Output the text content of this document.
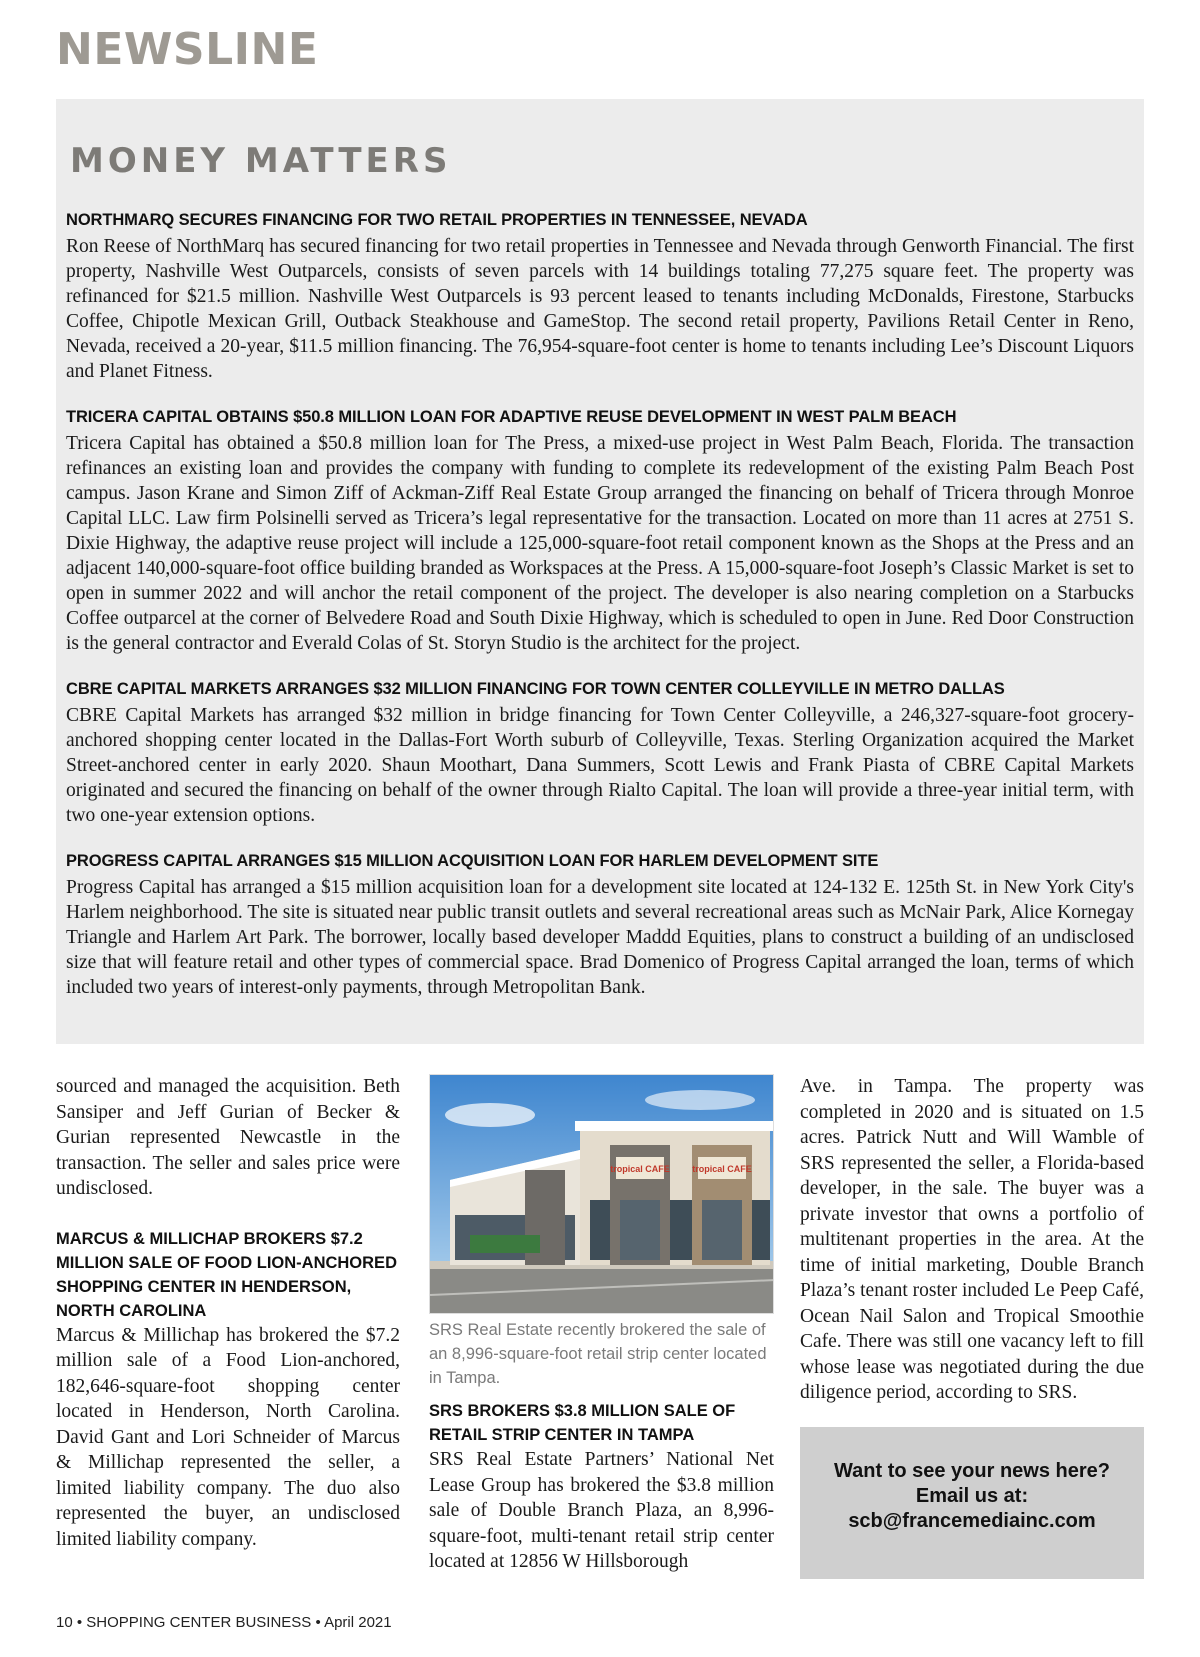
NEWSLINE
MONEY MATTERS
NORTHMARQ SECURES FINANCING FOR TWO RETAIL PROPERTIES IN TENNESSEE, NEVADA

Ron Reese of NorthMarq has secured financing for two retail properties in Tennessee and Nevada through Genworth Financial. The first property, Nashville West Outparcels, consists of seven parcels with 14 buildings totaling 77,275 square feet. The property was refinanced for $21.5 million. Nashville West Outparcels is 93 percent leased to tenants including McDonalds, Firestone, Starbucks Coffee, Chipotle Mexican Grill, Outback Steakhouse and GameStop. The second retail property, Pavilions Retail Center in Reno, Nevada, received a 20-year, $11.5 million financing. The 76,954-square-foot center is home to tenants including Lee’s Discount Liquors and Planet Fitness.

TRICERA CAPITAL OBTAINS $50.8 MILLION LOAN FOR ADAPTIVE REUSE DEVELOPMENT IN WEST PALM BEACH

Tricera Capital has obtained a $50.8 million loan for The Press, a mixed-use project in West Palm Beach, Florida. The transaction refinances an existing loan and provides the company with funding to complete its redevelopment of the existing Palm Beach Post campus. Jason Krane and Simon Ziff of Ackman-Ziff Real Estate Group arranged the financing on behalf of Tricera through Monroe Capital LLC. Law firm Polsinelli served as Tricera’s legal representative for the transaction. Located on more than 11 acres at 2751 S. Dixie Highway, the adaptive reuse project will include a 125,000-square-foot retail component known as the Shops at the Press and an adjacent 140,000-square-foot office building branded as Workspaces at the Press. A 15,000-square-foot Joseph’s Classic Market is set to open in summer 2022 and will anchor the retail component of the project. The developer is also nearing completion on a Starbucks Coffee outparcel at the corner of Belvedere Road and South Dixie Highway, which is scheduled to open in June. Red Door Construction is the general contractor and Everald Colas of St. Storyn Studio is the architect for the project.

CBRE CAPITAL MARKETS ARRANGES $32 MILLION FINANCING FOR TOWN CENTER COLLEYVILLE IN METRO DALLAS

CBRE Capital Markets has arranged $32 million in bridge financing for Town Center Colleyville, a 246,327-square-foot grocery-anchored shopping center located in the Dallas-Fort Worth suburb of Colleyville, Texas. Sterling Organization acquired the Market Street-anchored center in early 2020. Shaun Moothart, Dana Summers, Scott Lewis and Frank Piasta of CBRE Capital Markets originated and secured the financing on behalf of the owner through Rialto Capital. The loan will provide a three-year initial term, with two one-year extension options.

PROGRESS CAPITAL ARRANGES $15 MILLION ACQUISITION LOAN FOR HARLEM DEVELOPMENT SITE

Progress Capital has arranged a $15 million acquisition loan for a development site located at 124-132 E. 125th St. in New York City's Harlem neighborhood. The site is situated near public transit outlets and several recreational areas such as McNair Park, Alice Kornegay Triangle and Harlem Art Park. The borrower, locally based developer Maddd Equities, plans to construct a building of an undisclosed size that will feature retail and other types of commercial space. Brad Domenico of Progress Capital arranged the loan, terms of which included two years of interest-only payments, through Metropolitan Bank.

sourced and managed the acquisition. Beth Sansiper and Jeff Gurian of Becker & Gurian represented Newcastle in the transaction. The seller and sales price were undisclosed.

MARCUS & MILLICHAP BROKERS $7.2 MILLION SALE OF FOOD LION-ANCHORED SHOPPING CENTER IN HENDERSON, NORTH CAROLINA

Marcus & Millichap has brokered the $7.2 million sale of a Food Lion-anchored, 182,646-square-foot shopping center located in Henderson, North Carolina. David Gant and Lori Schneider of Marcus & Millichap represented the seller, a limited liability company. The duo also represented the buyer, an undisclosed limited liability company.

tropical CAFE tropical CAFE
SRS Real Estate recently brokered the sale of an 8,996-square-foot retail strip center located in Tampa.
SRS BROKERS $3.8 MILLION SALE OF RETAIL STRIP CENTER IN TAMPA

SRS Real Estate Partners’ National Net Lease Group has brokered the $3.8 million sale of Double Branch Plaza, an 8,996-square-foot, multi-tenant retail strip center located at 12856 W Hillsborough

Ave. in Tampa. The property was completed in 2020 and is situated on 1.5 acres. Patrick Nutt and Will Wamble of SRS represented the seller, a Florida-based developer, in the sale. The buyer was a private investor that owns a portfolio of multitenant properties in the area. At the time of initial marketing, Double Branch Plaza’s tenant roster included Le Peep Café, Ocean Nail Salon and Tropical Smoothie Cafe. There was still one vacancy left to fill whose lease was negotiated during the due diligence period, according to SRS.

Want to see your news here?
Email us at:
scb@francemediainc.com
10 • SHOPPING CENTER BUSINESS • April 2021
